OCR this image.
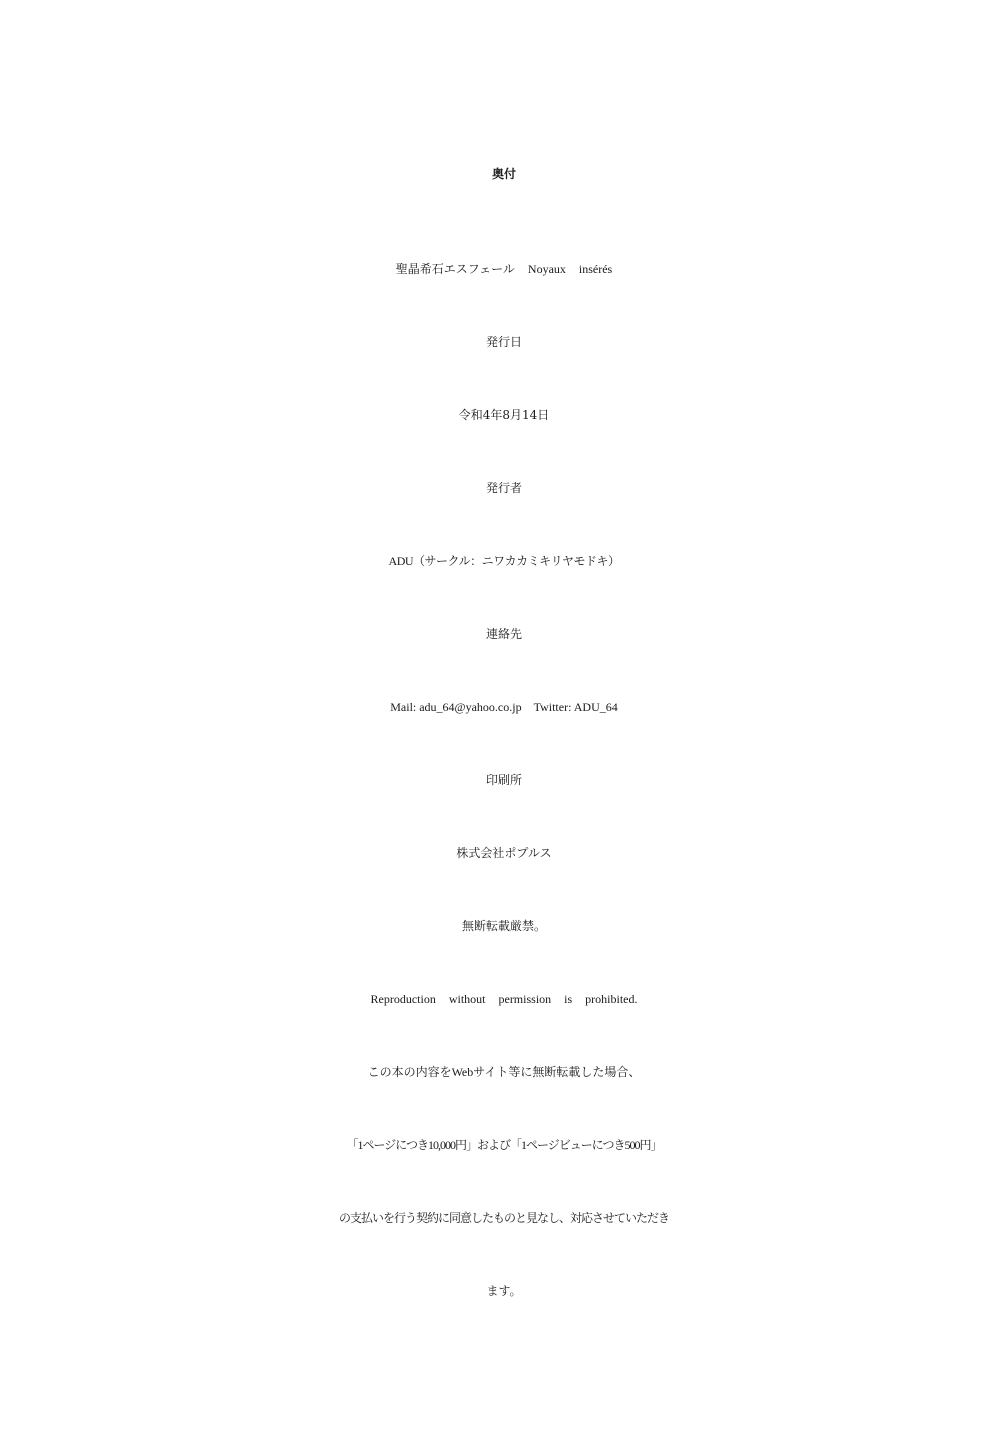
奥付
聖晶希石エスフェール Noyaux insérés
発行日
令和4年8月14日
発行者
ADU（サークル：ニワカカミキリヤモドキ）
連絡先
Mail: adu_64@yahoo.co.jp　Twitter: ADU_64
印刷所
株式会社ポプルス
無断転載厳禁。
Reproduction without permission is prohibited.
この本の内容をWebサイト等に無断転載した場合、
「1ページにつき10,000円」および「1ページビューにつき500円」
の支払いを行う契約に同意したものと見なし、対応させていただき
ます。
